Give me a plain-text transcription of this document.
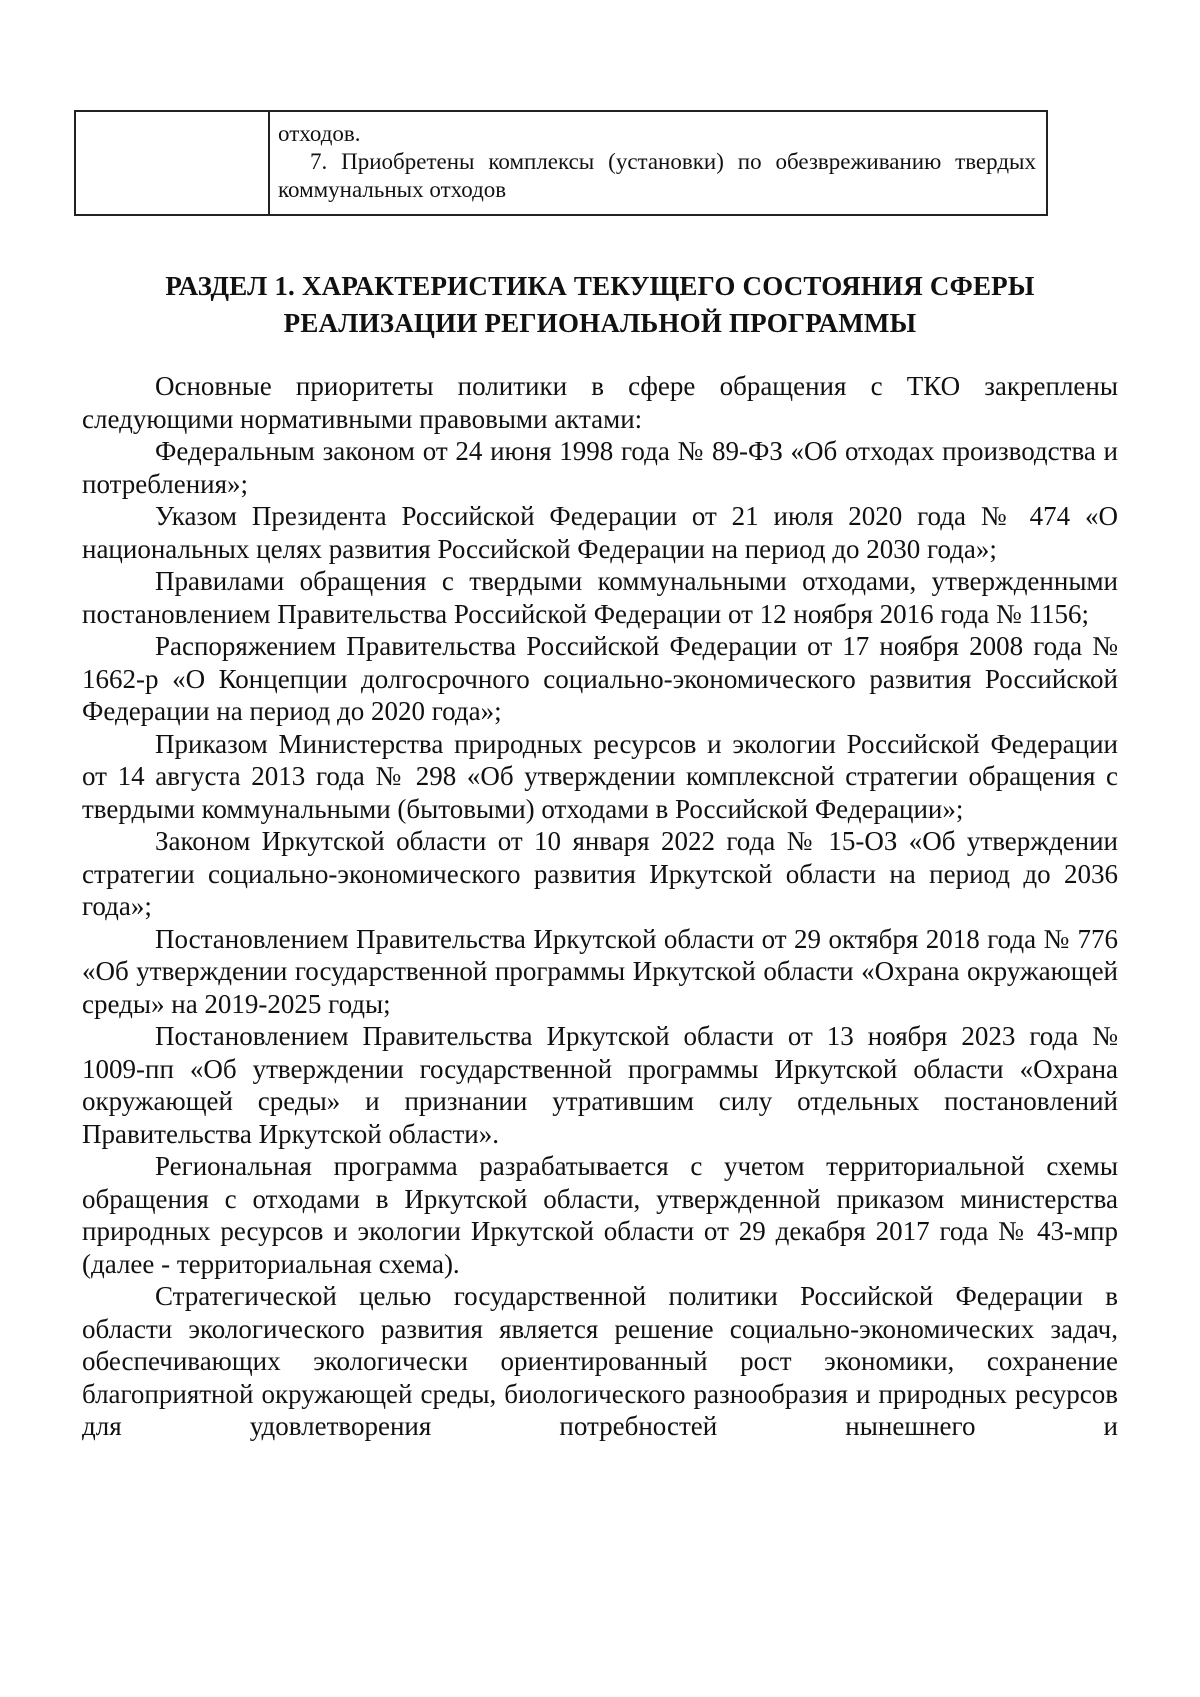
отходов.
7. Приобретены комплексы (установки) по обезвреживанию твердых коммунальных отходов
РАЗДЕЛ 1. ХАРАКТЕРИСТИКА ТЕКУЩЕГО СОСТОЯНИЯ СФЕРЫ
РЕАЛИЗАЦИИ РЕГИОНАЛЬНОЙ ПРОГРАММЫ

Основные приоритеты политики в сфере обращения с ТКО закреплены следующими нормативными правовыми актами:

Федеральным законом от 24 июня 1998 года № 89-ФЗ «Об отходах производства и потребления»;

Указом Президента Российской Федерации от 21 июля 2020 года № 474 «О национальных целях развития Российской Федерации на период до 2030 года»;

Правилами обращения с твердыми коммунальными отходами, утвержденными постановлением Правительства Российской Федерации от 12 ноября 2016 года № 1156;

Распоряжением Правительства Российской Федерации от 17 ноября 2008 года № 1662-р «О Концепции долгосрочного социально-экономического развития Российской Федерации на период до 2020 года»;

Приказом Министерства природных ресурсов и экологии Российской Федерации от 14 августа 2013 года № 298 «Об утверждении комплексной стратегии обращения с твердыми коммунальными (бытовыми) отходами в Российской Федерации»;

Законом Иркутской области от 10 января 2022 года № 15-ОЗ «Об утверждении стратегии социально-экономического развития Иркутской области на период до 2036 года»;

Постановлением Правительства Иркутской области от 29 октября 2018 года № 776 «Об утверждении государственной программы Иркутской области «Охрана окружающей среды» на 2019-2025 годы;

Постановлением Правительства Иркутской области от 13 ноября 2023 года № 1009-пп «Об утверждении государственной программы Иркутской области «Охрана окружающей среды» и признании утратившим силу отдельных постановлений Правительства Иркутской области».

Региональная программа разрабатывается с учетом территориальной схемы обращения с отходами в Иркутской области, утвержденной приказом министерства природных ресурсов и экологии Иркутской области от 29 декабря 2017 года № 43-мпр (далее - территориальная схема).

Стратегической целью государственной политики Российской Федерации в области экологического развития является решение социально-экономических задач, обеспечивающих экологически ориентированный рост экономики, сохранение благоприятной окружающей среды, биологического разнообразия и природных ресурсов для удовлетворения потребностей нынешнего и
